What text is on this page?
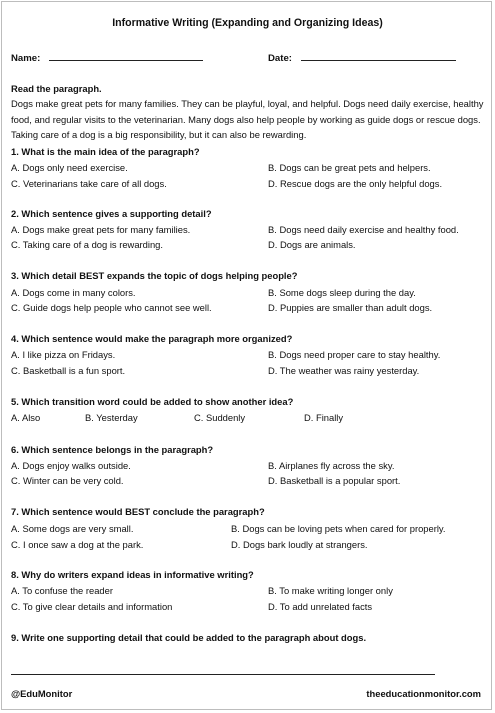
Informative Writing (Expanding and Organizing Ideas)
Name:	Date:
Read the paragraph.
Dogs make great pets for many families. They can be playful, loyal, and helpful. Dogs need daily exercise, healthy food, and regular visits to the veterinarian. Many dogs also help people by working as guide dogs or rescue dogs. Taking care of a dog is a big responsibility, but it can also be rewarding.
1. What is the main idea of the paragraph?
A. Dogs only need exercise.	B. Dogs can be great pets and helpers.
C. Veterinarians take care of all dogs.	D. Rescue dogs are the only helpful dogs.
2. Which sentence gives a supporting detail?
A. Dogs make great pets for many families.	B. Dogs need daily exercise and healthy food.
C. Taking care of a dog is rewarding.	D. Dogs are animals.
3. Which detail BEST expands the topic of dogs helping people?
A. Dogs come in many colors.	B. Some dogs sleep during the day.
C. Guide dogs help people who cannot see well.	D. Puppies are smaller than adult dogs.
4. Which sentence would make the paragraph more organized?
A. I like pizza on Fridays.	B. Dogs need proper care to stay healthy.
C. Basketball is a fun sport.	D. The weather was rainy yesterday.
5. Which transition word could be added to show another idea?
A. Also	B. Yesterday	C. Suddenly	D. Finally
6. Which sentence belongs in the paragraph?
A. Dogs enjoy walks outside.	B. Airplanes fly across the sky.
C. Winter can be very cold.	D. Basketball is a popular sport.
7. Which sentence would BEST conclude the paragraph?
A. Some dogs are very small.	B. Dogs can be loving pets when cared for properly.
C. I once saw a dog at the park.	D. Dogs bark loudly at strangers.
8. Why do writers expand ideas in informative writing?
A. To confuse the reader	B. To make writing longer only
C. To give clear details and information	D. To add unrelated facts
9. Write one supporting detail that could be added to the paragraph about dogs.
@EduMonitor	theeducationmonitor.com
